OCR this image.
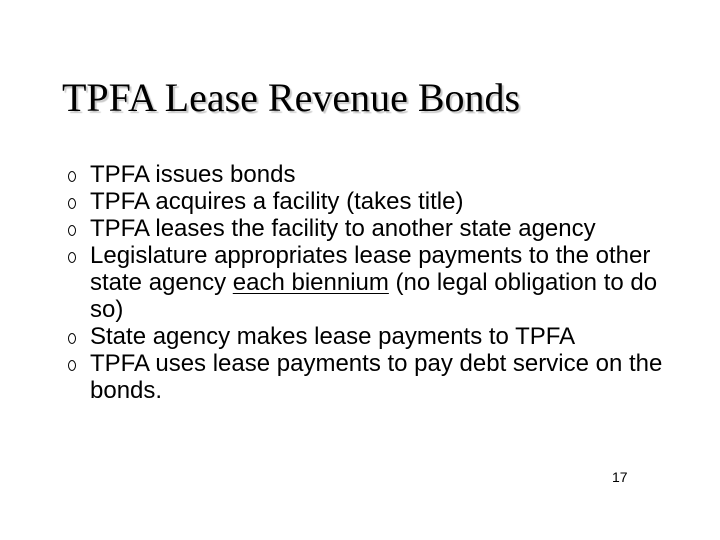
TPFA Lease Revenue Bonds
TPFA issues bonds
TPFA acquires a facility (takes title)
TPFA leases the facility to another state agency
Legislature appropriates lease payments to the other state agency each biennium (no legal obligation to do so)
State agency makes lease payments to TPFA
TPFA uses lease payments to pay debt service on the bonds.
17
